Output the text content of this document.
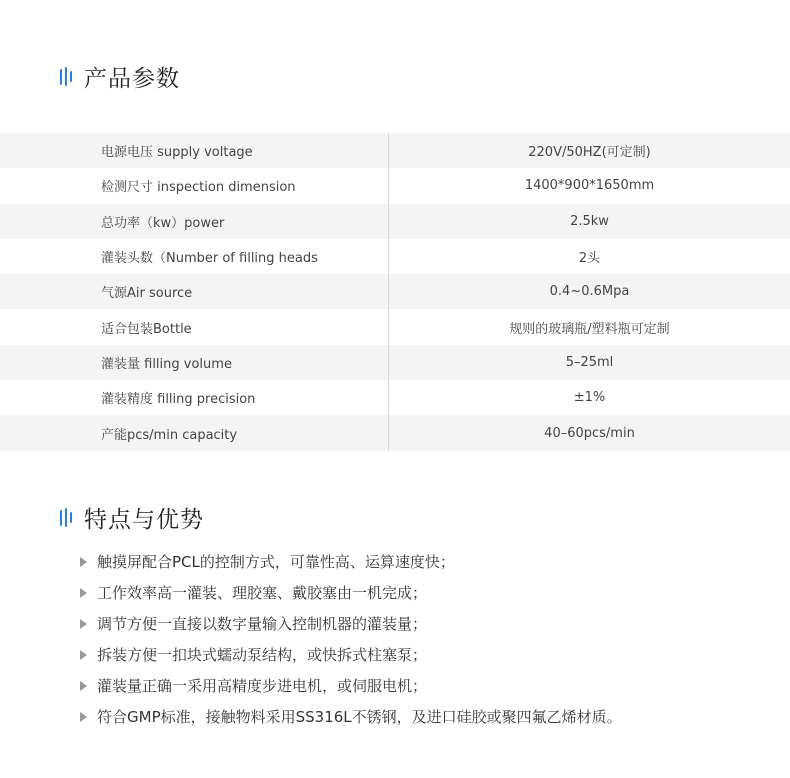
产品参数
电源电压 supply voltage		220V/50HZ(可定制)
检测尺寸 inspection dimension		1400*900*1650mm
总功率（kw）power		2.5kw
灌装头数（Number of filling heads		2头
气源Air source		0.4~0.6Mpa
适合包装Bottle		规则的玻璃瓶/塑料瓶可定制
灌装量 filling volume		5–25ml
灌装精度 filling precision		±1%
产能pcs/min capacity		40–60pcs/min
特点与优势
触摸屏配合PCL的控制方式，可靠性高、运算速度快；
工作效率高一灌装、理胶塞、戴胶塞由一机完成；
调节方便一直接以数字量输入控制机器的灌装量；
拆装方便一扣块式蠕动泵结构，或快拆式柱塞泵；
灌装量正确一采用高精度步进电机，或伺服电机；
符合GMP标准，接触物料采用SS316L不锈钢，及进口硅胶或聚四氟乙烯材质。
